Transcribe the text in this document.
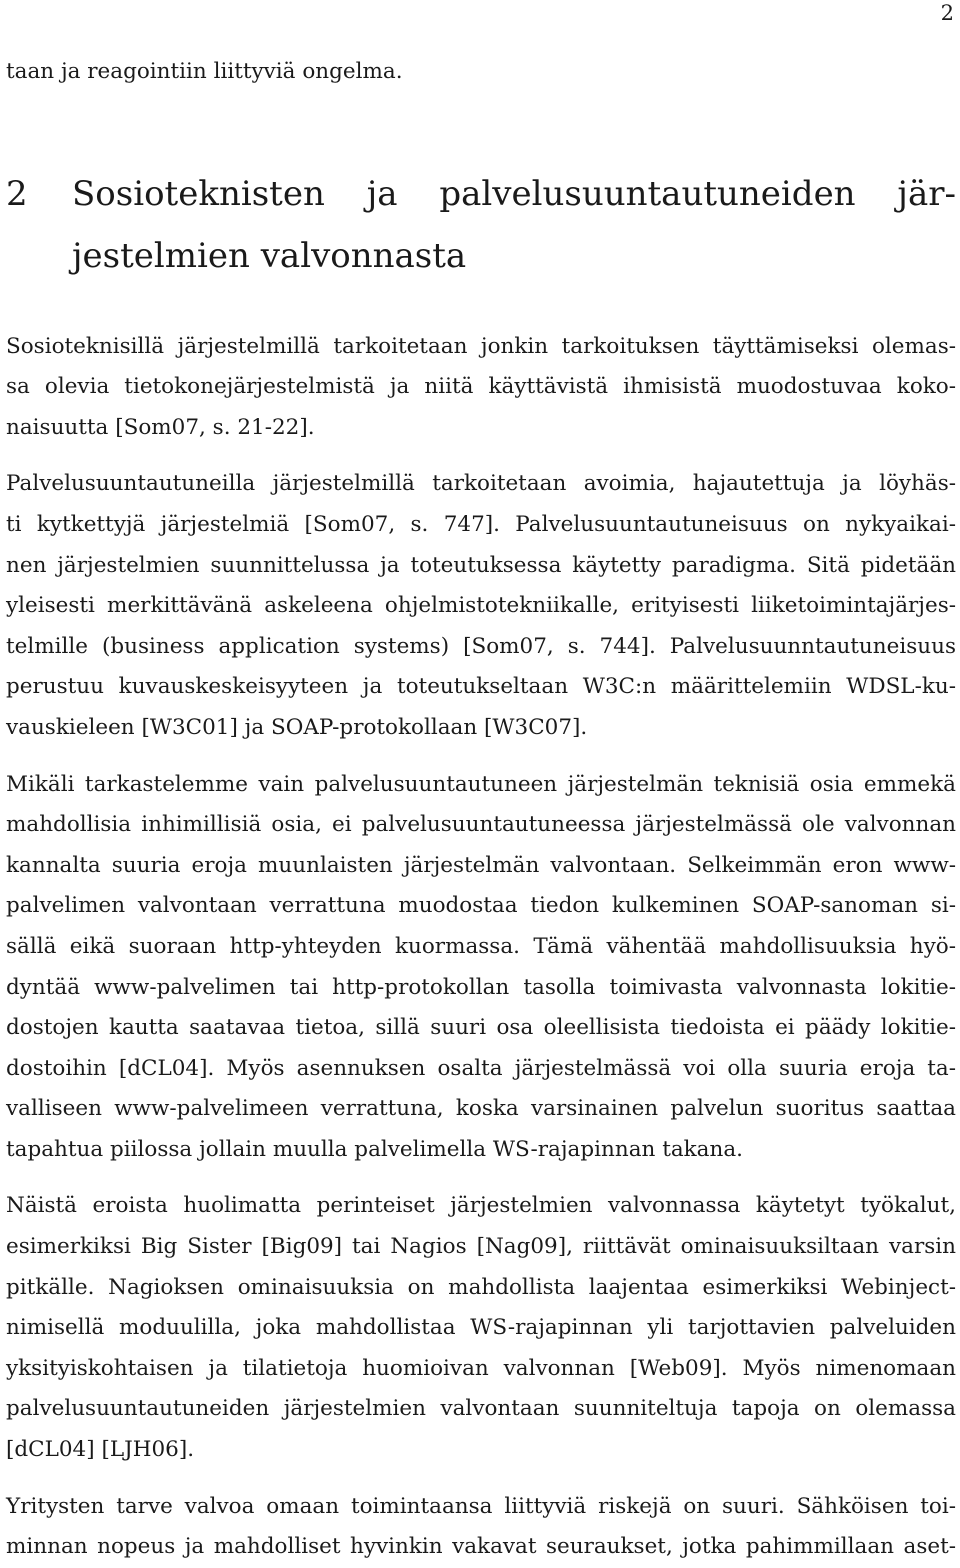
2

taan ja reagointiin liittyviä ongelma.

2	Sosioteknisten ja palvelusuuntautuneiden jär-
jestelmien valvonnasta

Sosioteknisillä järjestelmillä tarkoitetaan jonkin tarkoituksen täyttämiseksi olemas-
sa olevia tietokonejärjestelmistä ja niitä käyttävistä ihmisistä muodostuvaa koko-
naisuutta [Som07, s. 21-22].

Palvelusuuntautuneilla järjestelmillä tarkoitetaan avoimia, hajautettuja ja löyhäs-
ti kytkettyjä järjestelmiä [Som07, s. 747]. Palvelusuuntautuneisuus on nykyaikai-
nen järjestelmien suunnittelussa ja toteutuksessa käytetty paradigma. Sitä pidetään
yleisesti merkittävänä askeleena ohjelmistotekniikalle, erityisesti liiketoimintajärjes-
telmille (business application systems) [Som07, s. 744]. Palvelusuunntautuneisuus
perustuu kuvauskeskeisyyteen ja toteutukseltaan W3C:n määrittelemiin WDSL-ku-
vauskieleen [W3C01] ja SOAP-protokollaan [W3C07].

Mikäli tarkastelemme vain palvelusuuntautuneen järjestelmän teknisiä osia emmekä
mahdollisia inhimillisiä osia, ei palvelusuuntautuneessa järjestelmässä ole valvonnan
kannalta suuria eroja muunlaisten järjestelmän valvontaan. Selkeimmän eron www-
palvelimen valvontaan verrattuna muodostaa tiedon kulkeminen SOAP-sanoman si-
sällä eikä suoraan http-yhteyden kuormassa. Tämä vähentää mahdollisuuksia hyö-
dyntää www-palvelimen tai http-protokollan tasolla toimivasta valvonnasta lokitie-
dostojen kautta saatavaa tietoa, sillä suuri osa oleellisista tiedoista ei päädy lokitie-
dostoihin [dCL04]. Myös asennuksen osalta järjestelmässä voi olla suuria eroja ta-
valliseen www-palvelimeen verrattuna, koska varsinainen palvelun suoritus saattaa
tapahtua piilossa jollain muulla palvelimella WS-rajapinnan takana.

Näistä eroista huolimatta perinteiset järjestelmien valvonnassa käytetyt työkalut,
esimerkiksi Big Sister [Big09] tai Nagios [Nag09], riittävät ominaisuuksiltaan varsin
pitkälle. Nagioksen ominaisuuksia on mahdollista laajentaa esimerkiksi Webinject-
nimisellä moduulilla, joka mahdollistaa WS-rajapinnan yli tarjottavien palveluiden
yksityiskohtaisen ja tilatietoja huomioivan valvonnan [Web09]. Myös nimenomaan
palvelusuuntautuneiden järjestelmien valvontaan suunniteltuja tapoja on olemassa
[dCL04] [LJH06].

Yritysten tarve valvoa omaan toimintaansa liittyviä riskejä on suuri. Sähköisen toi-
minnan nopeus ja mahdolliset hyvinkin vakavat seuraukset, jotka pahimmillaan aset-
